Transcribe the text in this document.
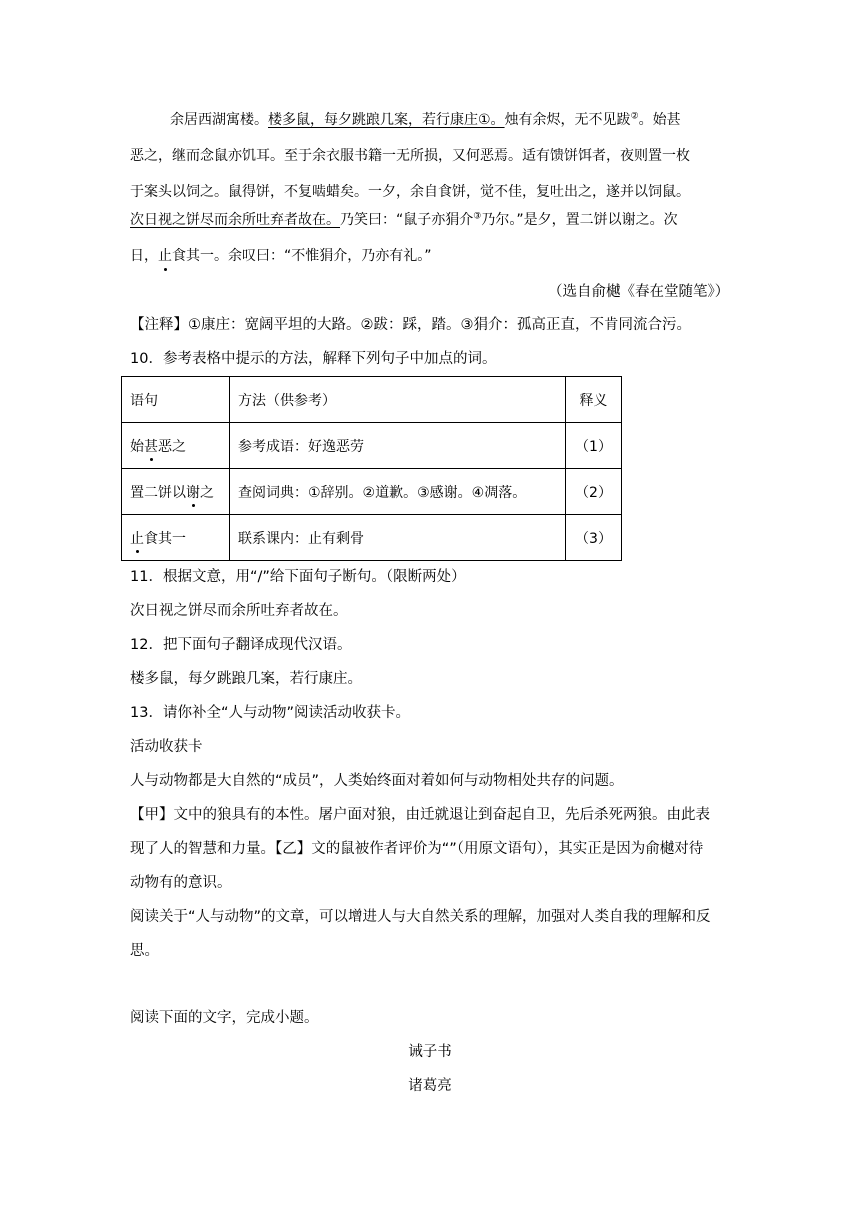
余居西湖寓楼。楼多鼠，每夕跳踉几案，若行康庄①。烛有余烬，无不见跋②。始甚
恶之，继而念鼠亦饥耳。至于余衣服书籍一无所损，又何恶焉。适有馈饼饵者，夜则置一枚
于案头以饲之。鼠得饼，不复啮蜡矣。一夕，余自食饼，觉不佳，复吐出之，遂并以饲鼠。
次日视之饼尽而余所吐弃者故在。乃笑曰：“鼠子亦狷介③乃尔。”是夕，置二饼以谢之。次
日，止食其一。余叹曰：“不惟狷介，乃亦有礼。”
（选自俞樾《春在堂随笔》）
【注释】①康庄：宽阔平坦的大路。②跋：踩，踏。③狷介：孤高正直，不肯同流合污。
10．参考表格中提示的方法，解释下列句子中加点的词。
语句	方法（供参考）	释义
始甚恶之	参考成语：好逸恶劳	（1）
置二饼以谢之	查阅词典：①辞别。②道歉。③感谢。④凋落。	（2）
止食其一	联系课内：止有剩骨	（3）
11．根据文意，用“/”给下面句子断句。（限断两处）
次日视之饼尽而余所吐弃者故在。
12．把下面句子翻译成现代汉语。
楼多鼠，每夕跳踉几案，若行康庄。
13．请你补全“人与动物”阅读活动收获卡。
活动收获卡
人与动物都是大自然的“成员”，人类始终面对着如何与动物相处共存的问题。
【甲】文中的狼具有的本性。屠户面对狼，由迁就退让到奋起自卫，先后杀死两狼。由此表
现了人的智慧和力量。【乙】文的鼠被作者评价为“”（用原文语句），其实正是因为俞樾对待
动物有的意识。
阅读关于“人与动物”的文章，可以增进人与大自然关系的理解，加强对人类自我的理解和反
思。
阅读下面的文字，完成小题。
诫子书
诸葛亮
